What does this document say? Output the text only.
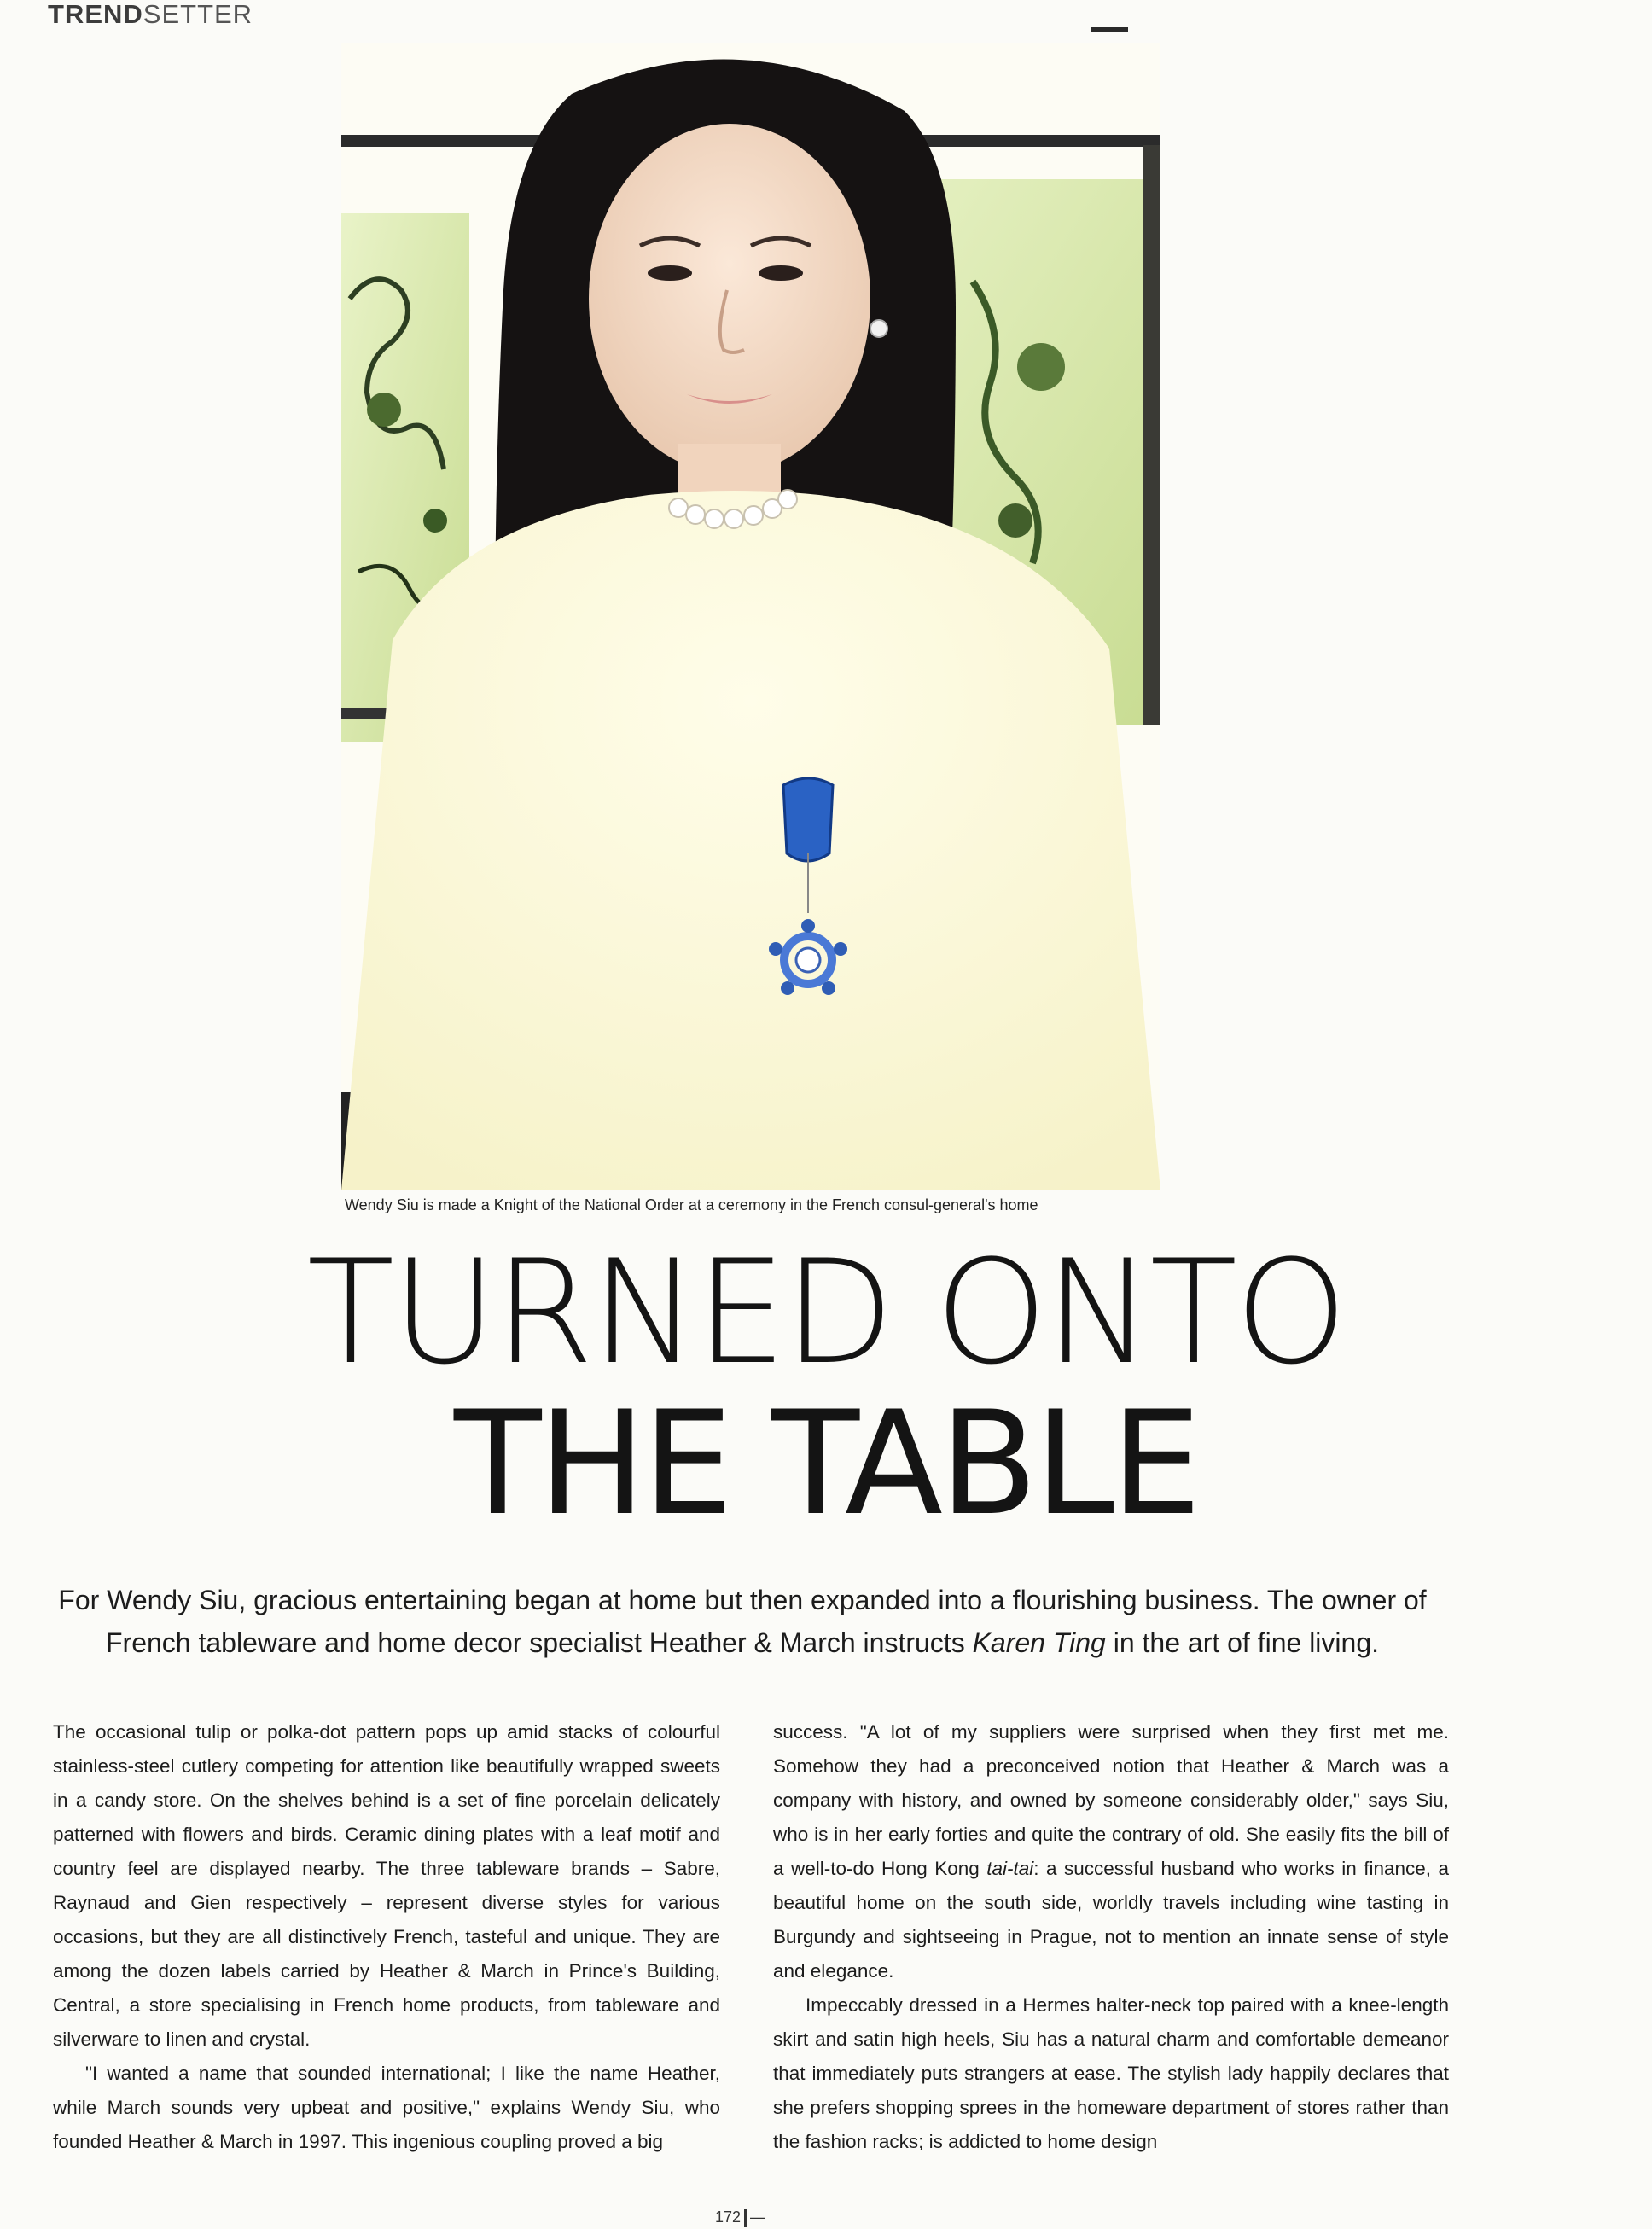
TRENDSETTER
Wendy Siu is made a Knight of the National Order at a ceremony in the French consul-general's home
TURNED ONTO
THE TABLE
For Wendy Siu, gracious entertaining began at home but then expanded into a flourishing business. The owner of French tableware and home decor specialist Heather & March instructs Karen Ting in the art of fine living.

The occasional tulip or polka-dot pattern pops up amid stacks of colourful stainless-steel cutlery competing for attention like beautifully wrapped sweets in a candy store. On the shelves behind is a set of fine porcelain delicately patterned with flowers and birds. Ceramic dining plates with a leaf motif and country feel are displayed nearby. The three tableware brands – Sabre, Raynaud and Gien respectively – represent diverse styles for various occasions, but they are all distinctively French, tasteful and unique. They are among the dozen labels carried by Heather & March in Prince's Building, Central, a store specialising in French home products, from tableware and silverware to linen and crystal.

"I wanted a name that sounded international; I like the name Heather, while March sounds very upbeat and positive," explains Wendy Siu, who founded Heather & March in 1997. This ingenious coupling proved a big

success. "A lot of my suppliers were surprised when they first met me. Somehow they had a preconceived notion that Heather & March was a company with history, and owned by someone considerably older," says Siu, who is in her early forties and quite the contrary of old. She easily fits the bill of a well-to-do Hong Kong tai-tai: a successful husband who works in finance, a beautiful home on the south side, worldly travels including wine tasting in Burgundy and sightseeing in Prague, not to mention an innate sense of style and elegance.

Impeccably dressed in a Hermes halter-neck top paired with a knee-length skirt and satin high heels, Siu has a natural charm and comfortable demeanor that immediately puts strangers at ease. The stylish lady happily declares that she prefers shopping sprees in the homeware department of stores rather than the fashion racks; is addicted to home design

172 —
